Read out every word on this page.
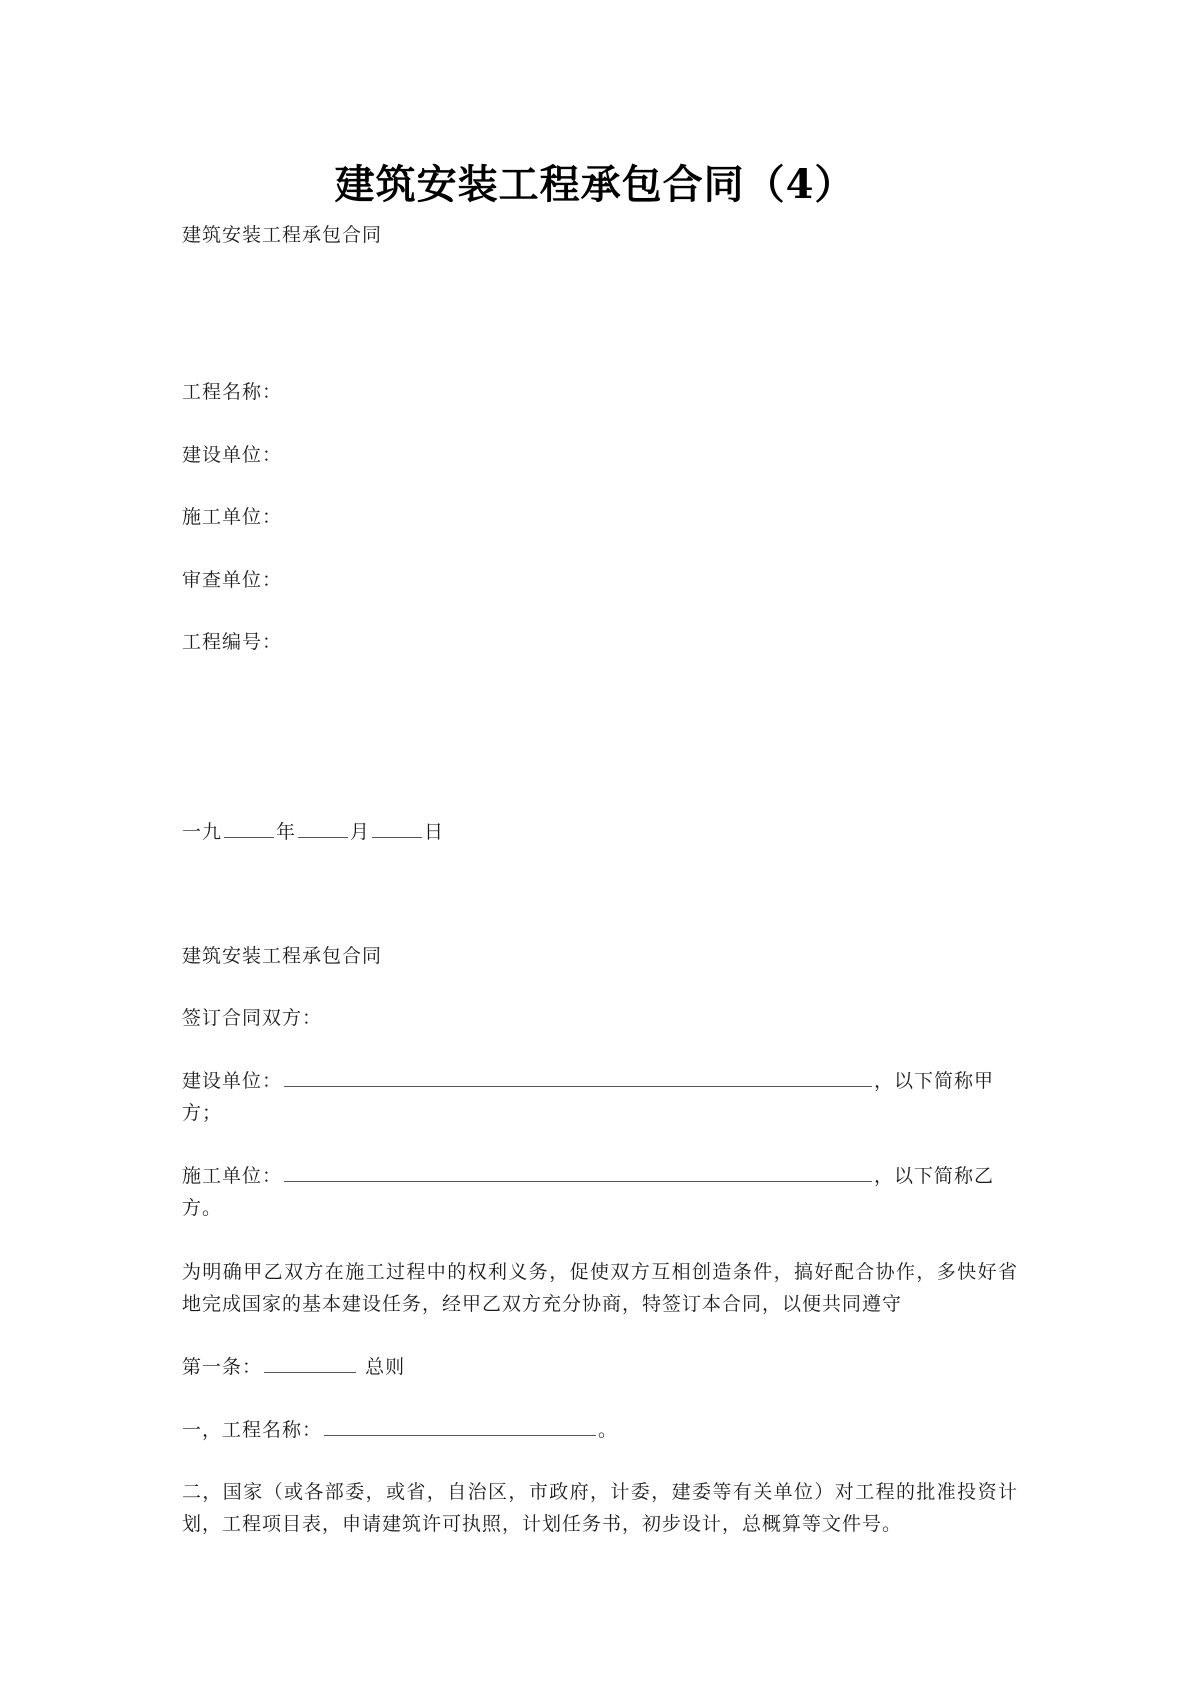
建筑安装工程承包合同（4）
建筑安装工程承包合同
工程名称：
建设单位：
施工单位：
审查单位：
工程编号：
一九	年	月	日
建筑安装工程承包合同
签订合同双方：
建设单位：	，以下简称甲
方；
施工单位：	，以下简称乙
方。
为明确甲乙双方在施工过程中的权利义务，促使双方互相创造条件，搞好配合协作，多快好省地完成国家的基本建设任务，经甲乙双方充分协商，特签订本合同，以便共同遵守
第一条：	总则
一，工程名称：	。
二，国家（或各部委，或省，自治区，市政府，计委，建委等有关单位）对工程的批准投资计划，工程项目表，申请建筑许可执照，计划任务书，初步设计，总概算等文件号。
